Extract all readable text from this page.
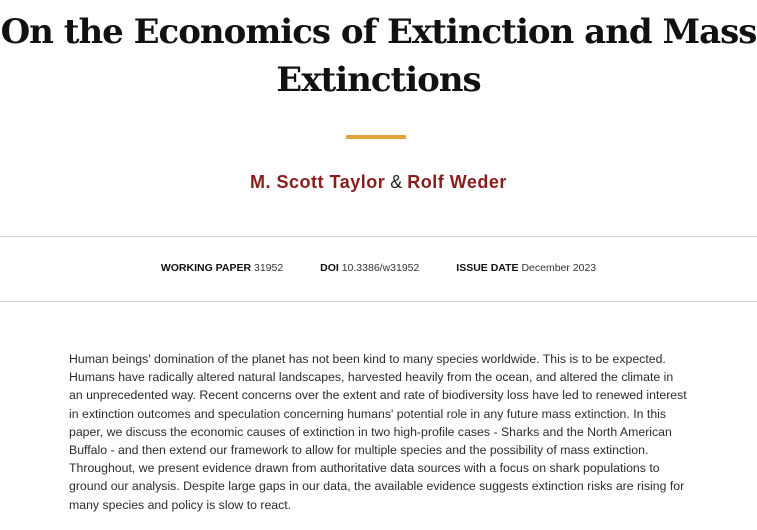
On the Economics of Extinction and Mass Extinctions
M. Scott Taylor & Rolf Weder
WORKING PAPER 31952	DOI 10.3386/w31952	ISSUE DATE December 2023

Human beings' domination of the planet has not been kind to many species worldwide. This is to be expected. Humans have radically altered natural landscapes, harvested heavily from the ocean, and altered the climate in an unprecedented way. Recent concerns over the extent and rate of biodiversity loss have led to renewed interest in extinction outcomes and speculation concerning humans' potential role in any future mass extinction. In this paper, we discuss the economic causes of extinction in two high-profile cases - Sharks and the North American Buffalo - and then extend our framework to allow for multiple species and the possibility of mass extinction. Throughout, we present evidence drawn from authoritative data sources with a focus on shark populations to ground our analysis. Despite large gaps in our data, the available evidence suggests extinction risks are rising for many species and policy is slow to react.
